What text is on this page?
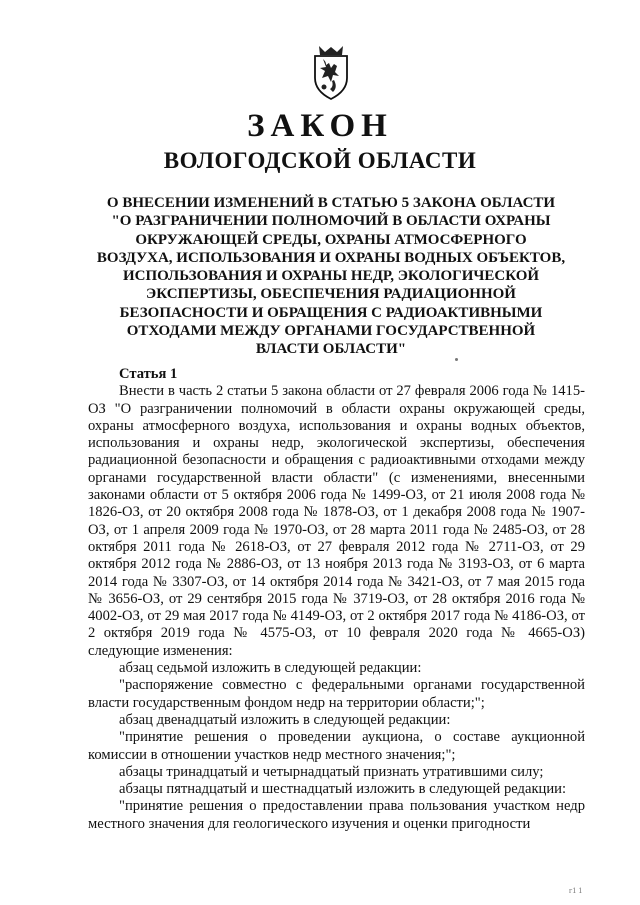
ЗАКОН
ВОЛОГОДСКОЙ ОБЛАСТИ
О ВНЕСЕНИИ ИЗМЕНЕНИЙ В СТАТЬЮ 5 ЗАКОНА ОБЛАСТИ "О РАЗГРАНИЧЕНИИ ПОЛНОМОЧИЙ В ОБЛАСТИ ОХРАНЫ ОКРУЖАЮЩЕЙ СРЕДЫ, ОХРАНЫ АТМОСФЕРНОГО ВОЗДУХА, ИСПОЛЬЗОВАНИЯ И ОХРАНЫ ВОДНЫХ ОБЪЕКТОВ, ИСПОЛЬЗОВАНИЯ И ОХРАНЫ НЕДР, ЭКОЛОГИЧЕСКОЙ ЭКСПЕРТИЗЫ, ОБЕСПЕЧЕНИЯ РАДИАЦИОННОЙ БЕЗОПАСНОСТИ И ОБРАЩЕНИЯ С РАДИОАКТИВНЫМИ ОТХОДАМИ МЕЖДУ ОРГАНАМИ ГОСУДАРСТВЕННОЙ ВЛАСТИ ОБЛАСТИ"

Статья 1

Внести в часть 2 статьи 5 закона области от 27 февраля 2006 года № 1415-ОЗ "О разграничении полномочий в области охраны окружающей среды, охраны атмосферного воздуха, использования и охраны водных объектов, использования и охраны недр, экологической экспертизы, обеспечения радиационной безопасности и обращения с радиоактивными отходами между органами государственной власти области" (с изменениями, внесенными законами области от 5 октября 2006 года № 1499-ОЗ, от 21 июля 2008 года № 1826-ОЗ, от 20 октября 2008 года № 1878-ОЗ, от 1 декабря 2008 года № 1907-ОЗ, от 1 апреля 2009 года № 1970-ОЗ, от 28 марта 2011 года № 2485-ОЗ, от 28 октября 2011 года № 2618-ОЗ, от 27 февраля 2012 года № 2711-ОЗ, от 29 октября 2012 года № 2886-ОЗ, от 13 ноября 2013 года № 3193-ОЗ, от 6 марта 2014 года № 3307-ОЗ, от 14 октября 2014 года № 3421-ОЗ, от 7 мая 2015 года № 3656-ОЗ, от 29 сентября 2015 года № 3719-ОЗ, от 28 октября 2016 года № 4002-ОЗ, от 29 мая 2017 года № 4149-ОЗ, от 2 октября 2017 года № 4186-ОЗ, от 2 октября 2019 года № 4575-ОЗ, от 10 февраля 2020 года № 4665-ОЗ) следующие изменения:

абзац седьмой изложить в следующей редакции:

"распоряжение совместно с федеральными органами государственной власти государственным фондом недр на территории области;";

абзац двенадцатый изложить в следующей редакции:

"принятие решения о проведении аукциона, о составе аукционной комиссии в отношении участков недр местного значения;";

абзацы тринадцатый и четырнадцатый признать утратившими силу;

абзацы пятнадцатый и шестнадцатый изложить в следующей редакции:

"принятие решения о предоставлении права пользования участком недр местного значения для геологического изучения и оценки пригодности

г1 1
